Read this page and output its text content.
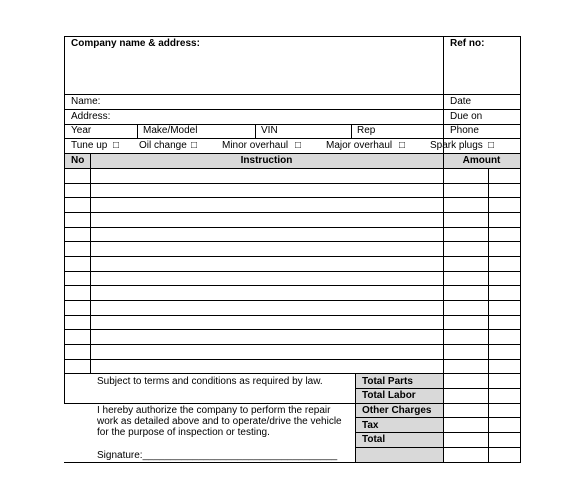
Company name & address:	Ref no:
Name:	Date
Address:	Due on
Year	Make/Model	VIN	Rep	Phone
Tune up □ Oil change □ Minor overhaul □ Major overhaul □ Spark plugs □
No	Instruction	Amount
Subject to terms and conditions as required by law.
I hereby authorize the company to perform the repair work as detailed above and to operate/drive the vehicle for the purpose of inspection or testing.
Signature:___________________________________
Total Parts
Total Labor
Other Charges
Tax
Total
